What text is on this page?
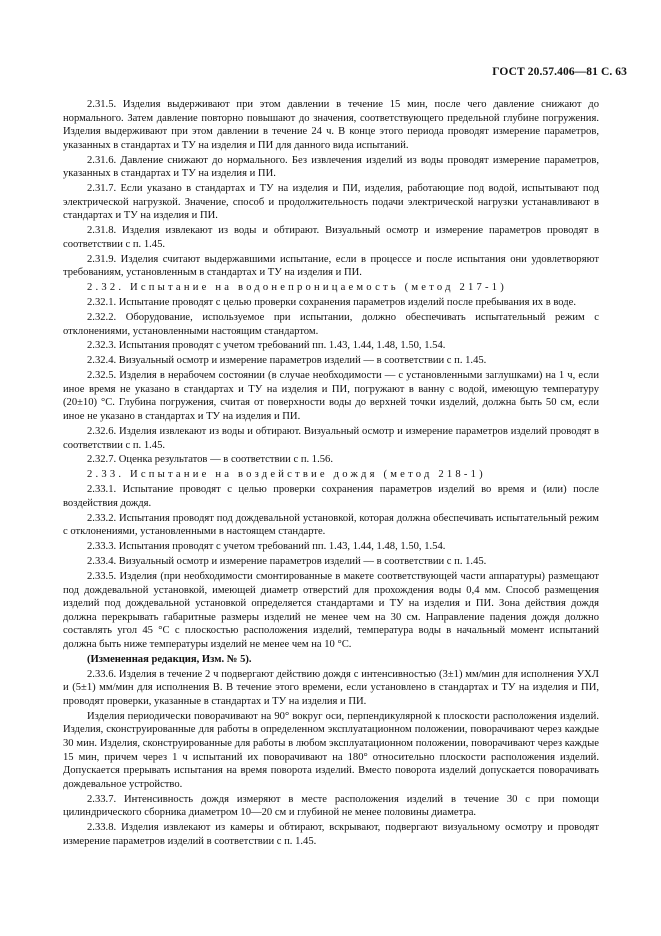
ГОСТ 20.57.406—81 С. 63

2.31.5. Изделия выдерживают при этом давлении в течение 15 мин, после чего давление снижают до нормального. Затем давление повторно повышают до значения, соответствующего предельной глубине погружения. Изделия выдерживают при этом давлении в течение 24 ч. В конце этого периода проводят измерение параметров, указанных в стандартах и ТУ на изделия и ПИ для данного вида испытаний.

2.31.6. Давление снижают до нормального. Без извлечения изделий из воды проводят измерение параметров, указанных в стандартах и ТУ на изделия и ПИ.

2.31.7. Если указано в стандартах и ТУ на изделия и ПИ, изделия, работающие под водой, испытывают под электрической нагрузкой. Значение, способ и продолжительность подачи электрической нагрузки устанавливают в стандартах и ТУ на изделия и ПИ.

2.31.8. Изделия извлекают из воды и обтирают. Визуальный осмотр и измерение параметров проводят в соответствии с п. 1.45.

2.31.9. Изделия считают выдержавшими испытание, если в процессе и после испытания они удовлетворяют требованиям, установленным в стандартах и ТУ на изделия и ПИ.

2.32. Испытание на водонепроницаемость (метод 217-1)

2.32.1. Испытание проводят с целью проверки сохранения параметров изделий после пребывания их в воде.

2.32.2. Оборудование, используемое при испытании, должно обеспечивать испытательный режим с отклонениями, установленными настоящим стандартом.

2.32.3. Испытания проводят с учетом требований пп. 1.43, 1.44, 1.48, 1.50, 1.54.

2.32.4. Визуальный осмотр и измерение параметров изделий — в соответствии с п. 1.45.

2.32.5. Изделия в нерабочем состоянии (в случае необходимости — с установленными заглушками) на 1 ч, если иное время не указано в стандартах и ТУ на изделия и ПИ, погружают в ванну с водой, имеющую температуру (20±10) °С. Глубина погружения, считая от поверхности воды до верхней точки изделий, должна быть 50 см, если иное не указано в стандартах и ТУ на изделия и ПИ.

2.32.6. Изделия извлекают из воды и обтирают. Визуальный осмотр и измерение параметров изделий проводят в соответствии с п. 1.45.

2.32.7. Оценка результатов — в соответствии с п. 1.56.

2.33. Испытание на воздействие дождя (метод 218-1)

2.33.1. Испытание проводят с целью проверки сохранения параметров изделий во время и (или) после воздействия дождя.

2.33.2. Испытания проводят под дождевальной установкой, которая должна обеспечивать испытательный режим с отклонениями, установленными в настоящем стандарте.

2.33.3. Испытания проводят с учетом требований пп. 1.43, 1.44, 1.48, 1.50, 1.54.

2.33.4. Визуальный осмотр и измерение параметров изделий — в соответствии с п. 1.45.

2.33.5. Изделия (при необходимости смонтированные в макете соответствующей части аппаратуры) размещают под дождевальной установкой, имеющей диаметр отверстий для прохождения воды 0,4 мм. Способ размещения изделий под дождевальной установкой определяется стандартами и ТУ на изделия и ПИ. Зона действия дождя должна перекрывать габаритные размеры изделий не менее чем на 30 см. Направление падения дождя должно составлять угол 45 °С с плоскостью расположения изделий, температура воды в начальный момент испытаний должна быть ниже температуры изделий не менее чем на 10 °С.

(Измененная редакция, Изм. № 5).

2.33.6. Изделия в течение 2 ч подвергают действию дождя с интенсивностью (3±1) мм/мин для исполнения УХЛ и (5±1) мм/мин для исполнения В. В течение этого времени, если установлено в стандартах и ТУ на изделия и ПИ, проводят проверки, указанные в стандартах и ТУ на изделия и ПИ.

Изделия периодически поворачивают на 90° вокруг оси, перпендикулярной к плоскости расположения изделий. Изделия, сконструированные для работы в определенном эксплуатационном положении, поворачивают через каждые 30 мин. Изделия, сконструированные для работы в любом эксплуатационном положении, поворачивают через каждые 15 мин, причем через 1 ч испытаний их поворачивают на 180° относительно плоскости расположения изделий. Допускается прерывать испытания на время поворота изделий. Вместо поворота изделий допускается поворачивать дождевальное устройство.

2.33.7. Интенсивность дождя измеряют в месте расположения изделий в течение 30 с при помощи цилиндрического сборника диаметром 10—20 см и глубиной не менее половины диаметра.

2.33.8. Изделия извлекают из камеры и обтирают, вскрывают, подвергают визуальному осмотру и проводят измерение параметров изделий в соответствии с п. 1.45.
